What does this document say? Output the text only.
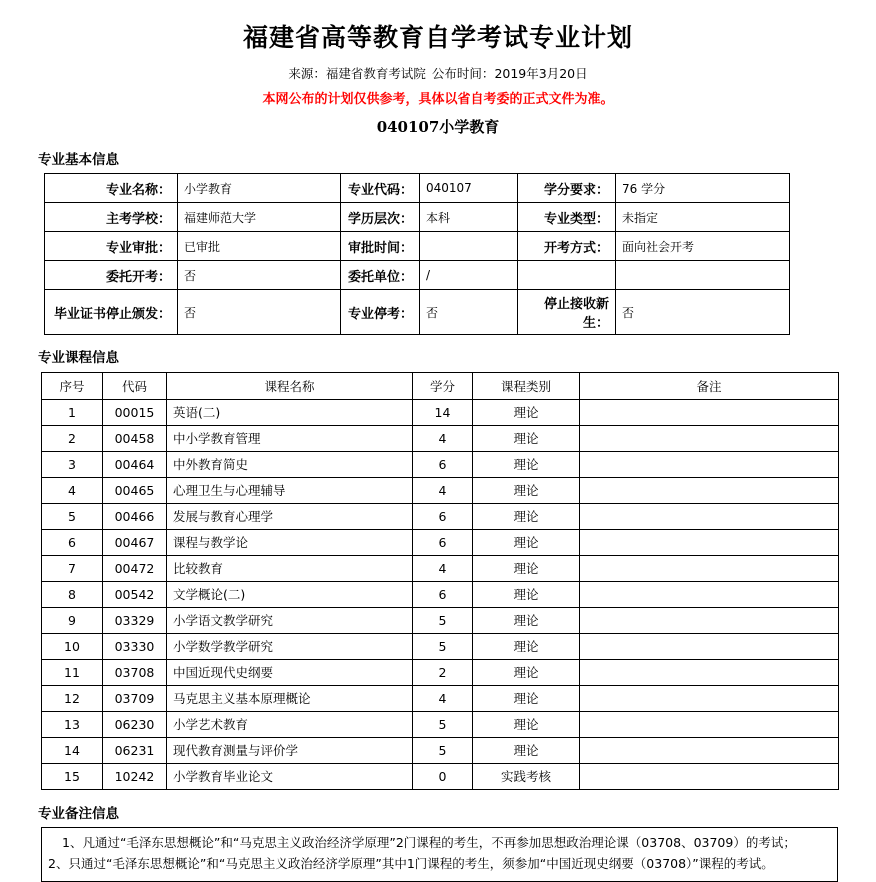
福建省高等教育自学考试专业计划

来源：福建省教育考试院 公布时间：2019年3月20日

本网公布的计划仅供参考，具体以省自考委的正式文件为准。

040107小学教育

专业基本信息
专业名称：	小学教育	专业代码：	040107	学分要求：	76 学分
主考学校：	福建师范大学	学历层次：	本科	专业类型：	未指定
专业审批：	已审批	审批时间：		开考方式：	面向社会开考
委托开考：	否	委托单位：	/		
毕业证书停止颁发：	否	专业停考：	否	停止接收新生：	否
专业课程信息
序号	代码	课程名称	学分	课程类别	备注
1	00015	英语(二)	14	理论	
2	00458	中小学教育管理	4	理论	
3	00464	中外教育简史	6	理论	
4	00465	心理卫生与心理辅导	4	理论	
5	00466	发展与教育心理学	6	理论	
6	00467	课程与教学论	6	理论	
7	00472	比较教育	4	理论	
8	00542	文学概论(二)	6	理论	
9	03329	小学语文教学研究	5	理论	
10	03330	小学数学教学研究	5	理论	
11	03708	中国近现代史纲要	2	理论	
12	03709	马克思主义基本原理概论	4	理论	
13	06230	小学艺术教育	5	理论	
14	06231	现代教育测量与评价学	5	理论	
15	10242	小学教育毕业论文	0	实践考核	
专业备注信息
1、凡通过“毛泽东思想概论”和“马克思主义政治经济学原理”2门课程的考生，不再参加思想政治理论课（03708、03709）的考试；
2、只通过“毛泽东思想概论”和“马克思主义政治经济学原理”其中1门课程的考生，须参加“中国近现史纲要（03708）”课程的考试。
